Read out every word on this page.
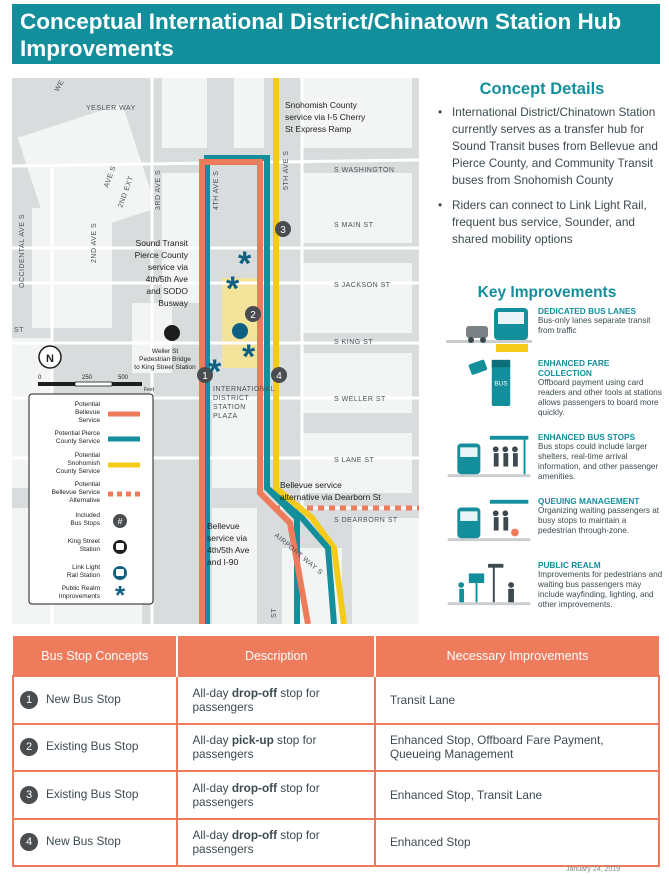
Conceptual International District/Chinatown Station Hub Improvements
1
2
3
4
*
*
*
*
N
0	250	500
Feet
YESLER WAY
S WASHINGTON
S MAIN ST
S JACKSON ST
S KING ST
S WELLER ST
S LANE ST
S DEARBORN ST
AIRPORT WAY S
OCCIDENTAL AVE S	2ND AVE S
2ND EXT
AVE S	3RD AVE S	4TH AVE S
5TH AVE S
ST
ST
WE
Snohomish County
service via I-5 Cherry
St Express Ramp
Sound Transit
Pierce County
service via
4th/5th Ave
and SODO
Busway
Bellevue service
alternative via Dearborn St
Bellevue
service via
4th/5th Ave
and I-90
Weller St
Pedestrian Bridge
to King Street Station
INTERNATIONAL
DISTRICT
STATION
PLAZA
Potential
Bellevue
Service
Potential Pierce
County Service
Potential
Snohomish
County Service
Potential
Bellevue Service
Alternative
Included
Bus Stops
King Street
Station
Link Light
Rail Station
Public Realm
Improvements
#
*
Concept Details
• International District/Chinatown Station currently serves as a transfer hub for Sound Transit buses from Bellevue and Pierce County, and Community Transit buses from Snohomish County
• Riders can connect to Link Light Rail, frequent bus service, Sounder, and shared mobility options
Key Improvements
DEDICATED BUS LANES
Bus-only lanes separate transit from traffic
BUS
ENHANCED FARE COLLECTION
Offboard payment using card readers and other tools at stations allows passengers to board more quickly.
ENHANCED BUS STOPS
Bus stops could include larger shelters, real-time arrival information, and other passenger amenities.
QUEUING MANAGEMENT
Organizing waiting passengers at busy stops to maintain a pedestrian through-zone.
PUBLIC REALM
Improvements for pedestrians and waiting bus passengers may include wayfinding, lighting, and other improvements.
Bus Stop Concepts	Description	Necessary Improvements
1 New Bus Stop	All-day drop-off stop for passengers	Transit Lane
2 Existing Bus Stop	All-day pick-up stop for passengers	Enhanced Stop, Offboard Fare Payment, Queueing Management
3 Existing Bus Stop	All-day drop-off stop for passengers	Enhanced Stop, Transit Lane
4 New Bus Stop	All-day drop-off stop for passengers	Enhanced Stop
January 24, 2019
